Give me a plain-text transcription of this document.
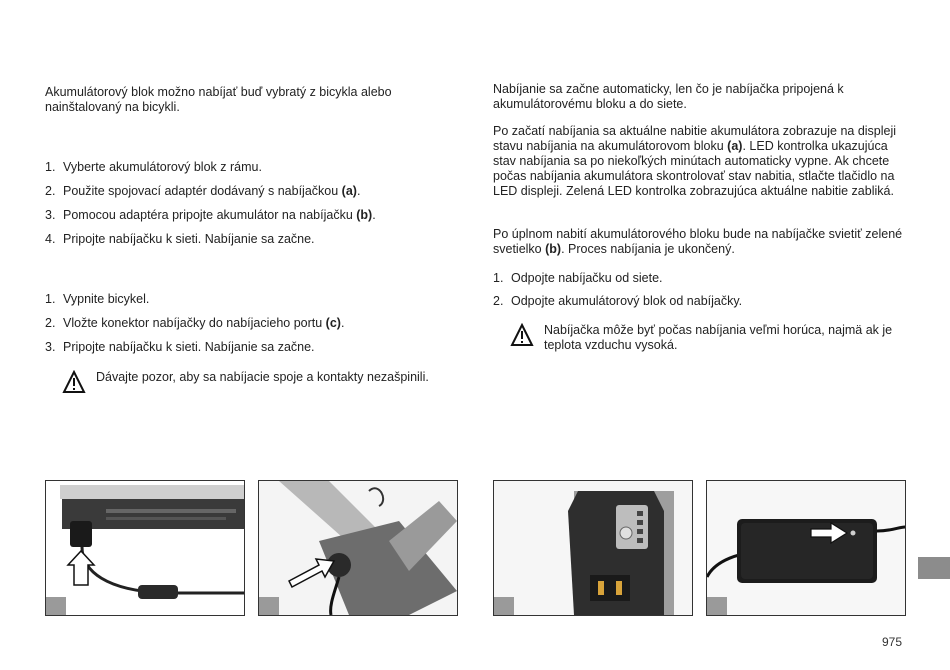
Akumulátorový blok možno nabíjať buď vybratý z bicykla alebo nainštalovaný na bicykli.

1. Vyberte akumulátorový blok z rámu.
2. Použite spojovací adaptér dodávaný s nabíjačkou (a).
3. Pomocou adaptéra pripojte akumulátor na nabíjačku (b).
4. Pripojte nabíjačku k sieti. Nabíjanie sa začne.
1. Vypnite bicykel.
2. Vložte konektor nabíjačky do nabíjacieho portu (c).
3. Pripojte nabíjačku k sieti. Nabíjanie sa začne.
Dávajte pozor, aby sa nabíjacie spoje a kontakty nezašpinili.

Nabíjanie sa začne automaticky, len čo je nabíjačka pripojená k akumulátorovému bloku a do siete.

Po začatí nabíjania sa aktuálne nabitie akumulátora zobrazuje na displeji stavu nabíjania na akumulátorovom bloku (a). LED kontrolka ukazujúca stav nabíjania sa po niekoľkých minútach automaticky vypne. Ak chcete počas nabíjania akumulátora skontrolovať stav nabitia, stlačte tlačidlo na LED displeji. Zelená LED kontrolka zobrazujúca aktuálne nabitie zabliká.

Po úplnom nabití akumulátorového bloku bude na nabíjačke svietiť zelené svetielko (b). Proces nabíjania je ukončený.

1. Odpojte nabíjačku od siete.
2. Odpojte akumulátorový blok od nabíjačky.
Nabíjačka môže byť počas nabíjania veľmi horúca, najmä ak je teplota vzduchu vysoká.
975
